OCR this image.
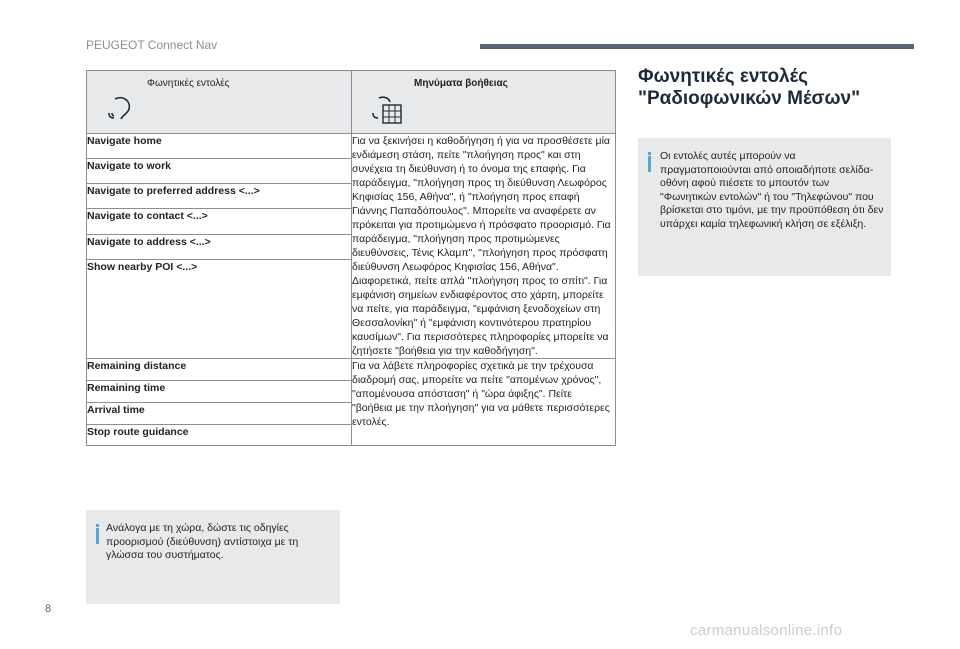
PEUGEOT Connect Nav
Φωνητικές εντολές	Μηνύματα βοήθειας

Navigate home	Για να ξεκινήσει η καθοδήγηση ή για να προσθέσετε μία ενδιάμεση στάση, πείτε "πλοήγηση προς" και στη συνέχεια τη διεύθυνση ή το όνομα της επαφής. Για παράδειγμα, "πλοήγηση προς τη διεύθυνση Λεωφόρος Κηφισίας 156, Αθήνα", ή "πλοήγηση προς επαφή Γιάννης Παπαδόπουλος". Μπορείτε να αναφέρετε αν πρόκειται για προτιμώμενο ή πρόσφατο προορισμό. Για παράδειγμα, "πλοήγηση προς προτιμώμενες διευθύνσεις, Τένις Κλαμπ", "πλοήγηση προς πρόσφατη διεύθυνση Λεωφόρος Κηφισίας 156, Αθήνα". Διαφορετικά, πείτε απλά "πλοήγηση προς το σπίτι". Για εμφάνιση σημείων ενδιαφέροντος στο χάρτη, μπορείτε να πείτε, για παράδειγμα, "εμφάνιση ξενοδοχείων στη Θεσσαλονίκη" ή "εμφάνιση κοντινότερου πρατηρίου καυσίμων". Για περισσότερες πληροφορίες μπορείτε να ζητήσετε "βοήθεια για την καθοδήγηση".
Navigate to work	
Navigate to preferred address <...>	
Navigate to contact <...>	
Navigate to address <...>	
Show nearby POI <...>	
Remaining distance	Για να λάβετε πληροφορίες σχετικά με την τρέχουσα διαδρομή σας, μπορείτε να πείτε "απομένων χρόνος", "απομένουσα απόσταση" ή "ώρα άφιξης". Πείτε "βοήθεια με την πλοήγηση" για να μάθετε περισσότερες εντολές.
Remaining time	
Arrival time	
Stop route guidance	
Ανάλογα με τη χώρα, δώστε τις οδηγίες προορισμού (διεύθυνση) αντίστοιχα με τη γλώσσα του συστήματος.
Φωνητικές εντολές "Ραδιοφωνικών Μέσων"
Οι εντολές αυτές μπορούν να πραγματοποιούνται από οποιαδήποτε σελίδα-οθόνη αφού πιέσετε το μπουτόν των "Φωνητικών εντολών" ή του "Τηλεφώνου" που βρίσκεται στο τιμόνι, με την προϋπόθεση ότι δεν υπάρχει καμία τηλεφωνική κλήση σε εξέλιξη.
8
carmanualsonline.info
